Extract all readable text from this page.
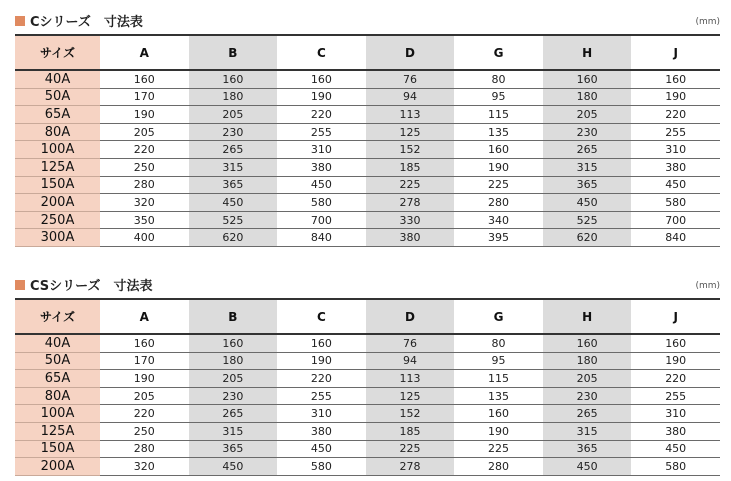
Cシリーズ　寸法表	(mm)
サイズ	A	B	C	D	G	H	J
40A	160	160	160	76	80	160	160
50A	170	180	190	94	95	180	190
65A	190	205	220	113	115	205	220
80A	205	230	255	125	135	230	255
100A	220	265	310	152	160	265	310
125A	250	315	380	185	190	315	380
150A	280	365	450	225	225	365	450
200A	320	450	580	278	280	450	580
250A	350	525	700	330	340	525	700
300A	400	620	840	380	395	620	840
CSシリーズ　寸法表	(mm)
サイズ	A	B	C	D	G	H	J
40A	160	160	160	76	80	160	160
50A	170	180	190	94	95	180	190
65A	190	205	220	113	115	205	220
80A	205	230	255	125	135	230	255
100A	220	265	310	152	160	265	310
125A	250	315	380	185	190	315	380
150A	280	365	450	225	225	365	450
200A	320	450	580	278	280	450	580
